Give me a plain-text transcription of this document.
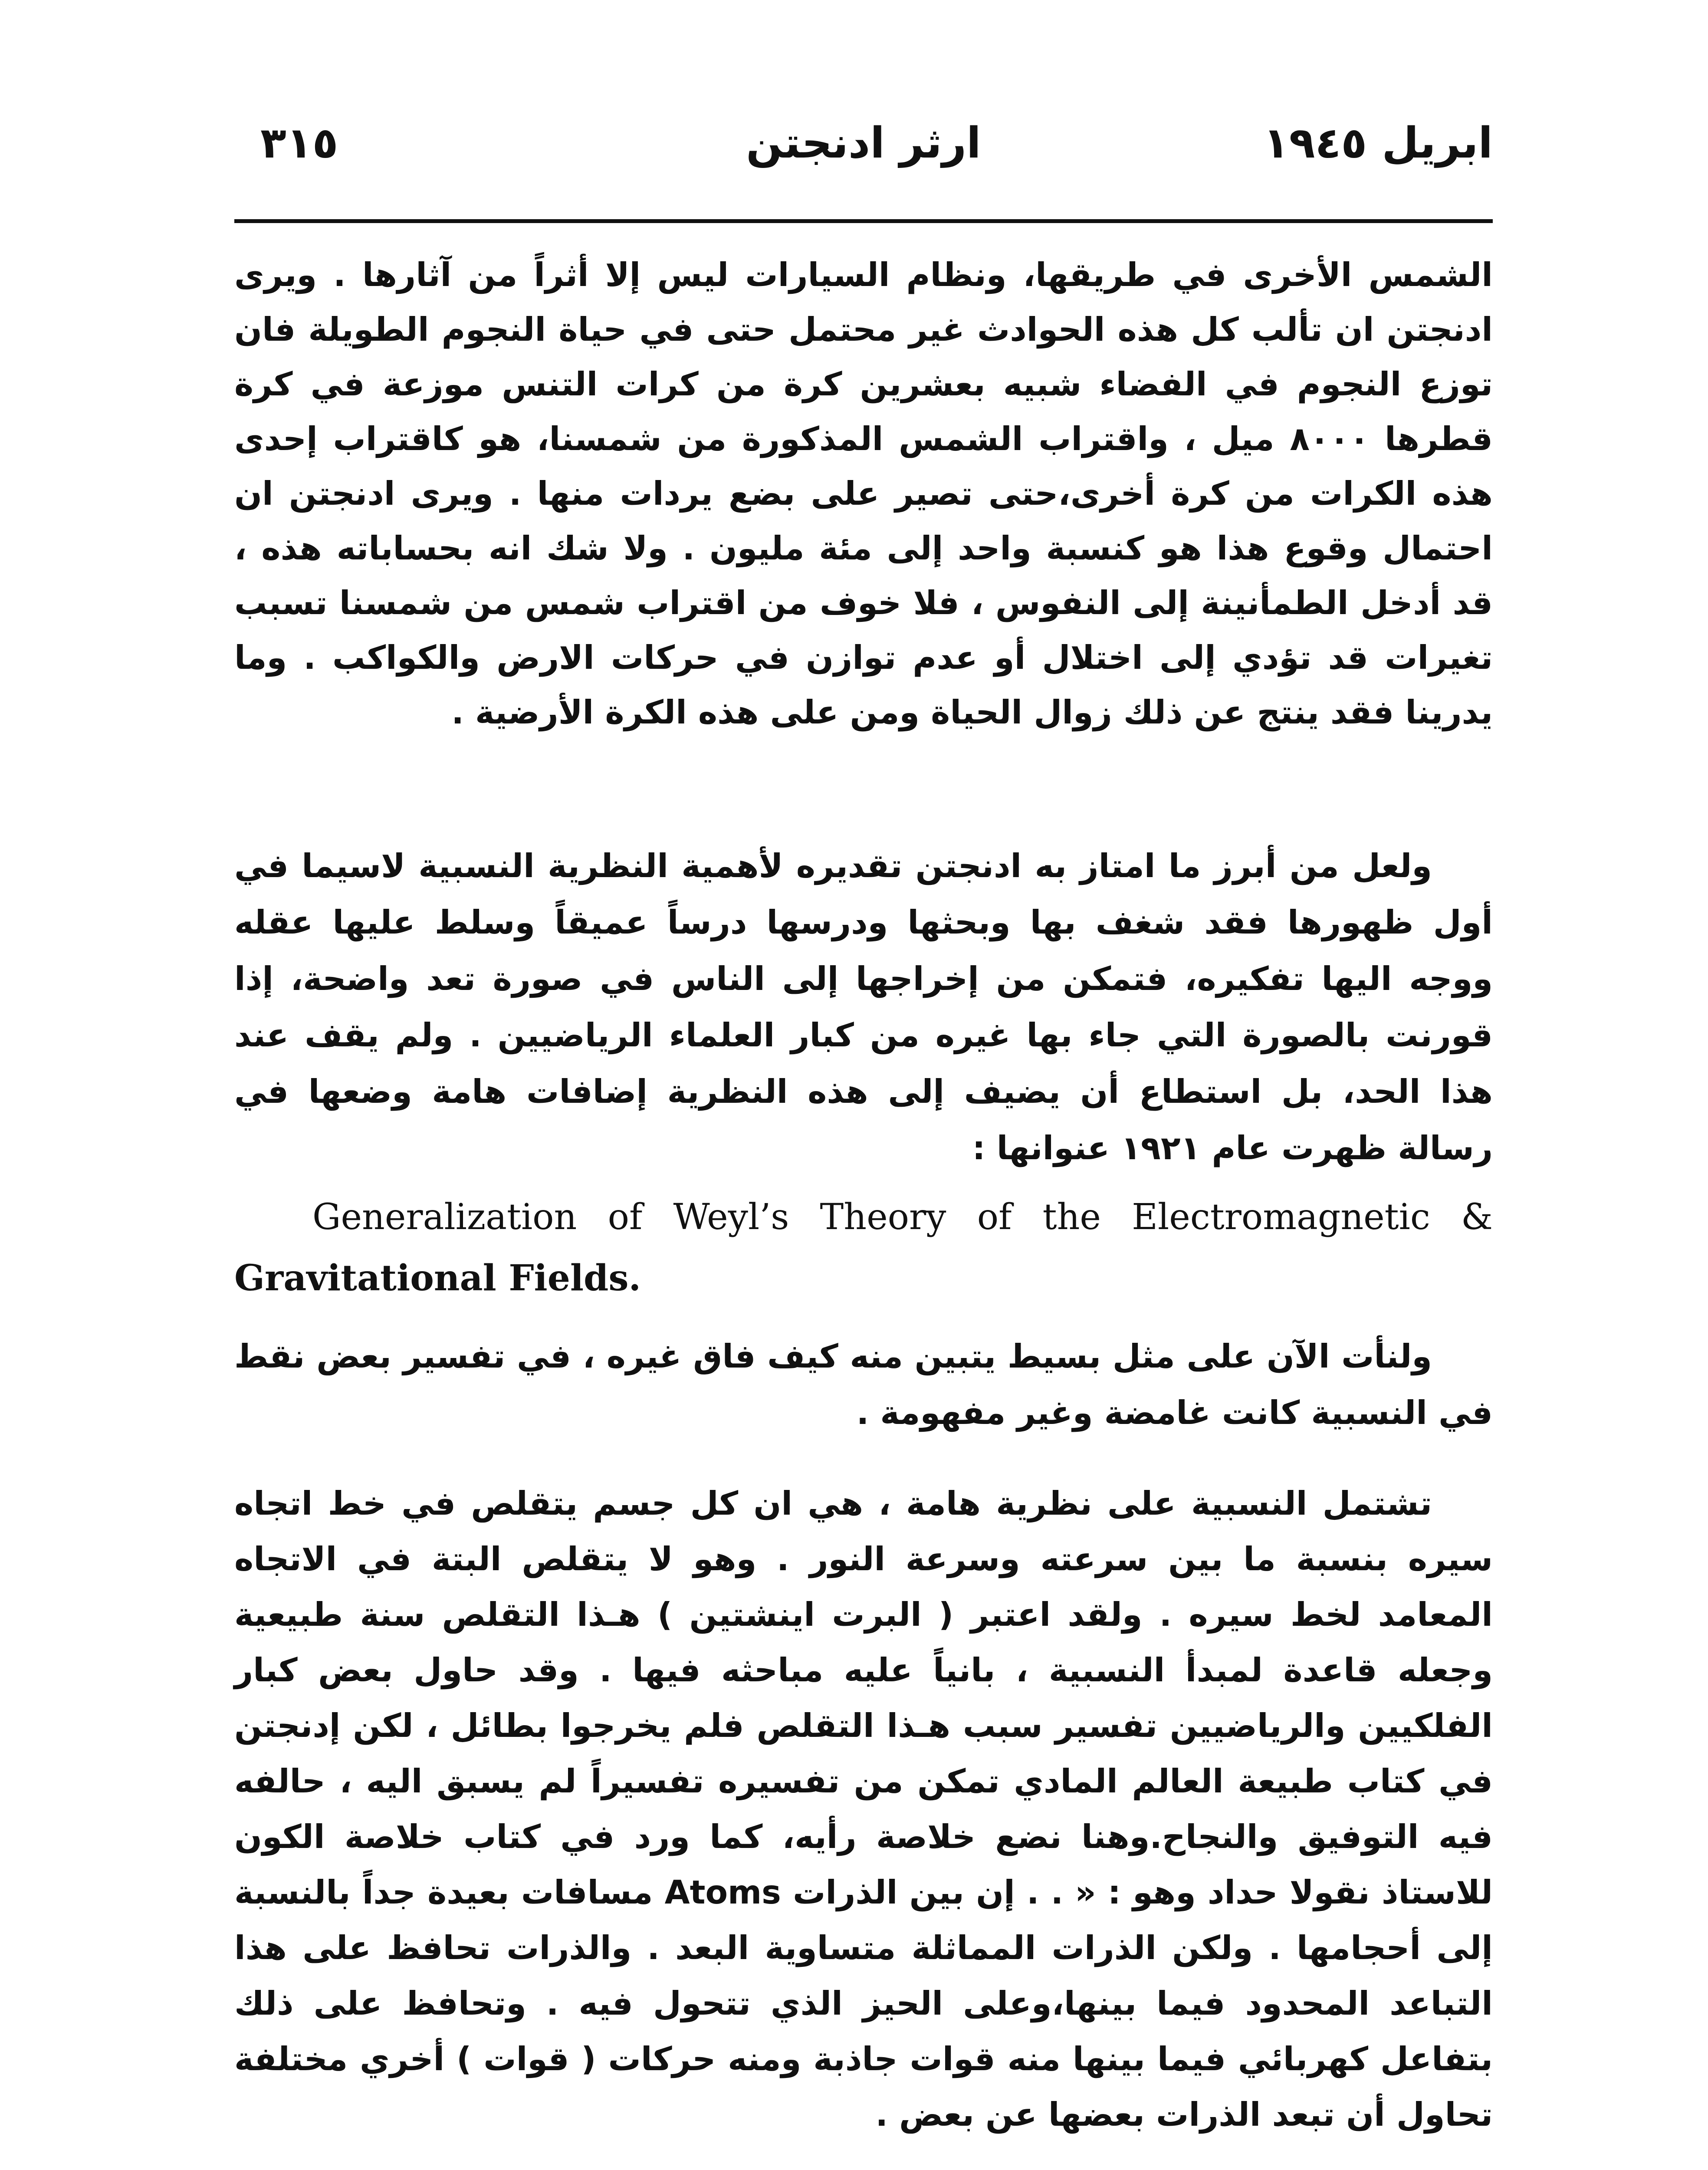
٣١٥	ارثر ادنجتن	ابريل ١٩٤٥

الشمس الأخرى في طريقها، ونظام السيارات ليس إلا أثراً من آثارها . ويرى ادنجتن ان تألب كل هذه الحوادث غير محتمل حتى في حياة النجوم الطويلة فان توزع النجوم في الفضاء شبيه بعشرين كرة من كرات التنس موزعة في كرة قطرها ٨٠٠٠ ميل ، واقتراب الشمس المذكورة من شمسنا، هو كاقتراب إحدى هذه الكرات من كرة أخرى،حتى تصير على بضع يردات منها . ويرى ادنجتن ان احتمال وقوع هذا هو كنسبة واحد إلى مئة مليون . ولا شك انه بحساباته هذه ، قد أدخل الطمأنينة إلى النفوس ، فلا خوف من اقتراب شمس من شمسنا تسبب تغيرات قد تؤدي إلى اختلال أو عدم توازن في حركات الارض والكواكب . وما يدرينا فقد ينتج عن ذلك زوال الحياة ومن على هذه الكرة الأرضية .

ولعل من أبرز ما امتاز به ادنجتن تقديره لأهمية النظرية النسبية لاسيما في أول ظهورها فقد شغف بها وبحثها ودرسها درساً عميقاً وسلط عليها عقله ووجه اليها تفكيره، فتمكن من إخراجها إلى الناس في صورة تعد واضحة، إذا قورنت بالصورة التي جاء بها غيره من كبار العلماء الرياضيين . ولم يقف عند هذا الحد، بل استطاع أن يضيف إلى هذه النظرية إضافات هامة وضعها في رسالة ظهرت عام ١٩٢١ عنوانها :

Generalization of Weyl’s Theory of the Electromagnetic &
Gravitational Fields.

ولنأت الآن على مثل بسيط يتبين منه كيف فاق غيره ، في تفسير بعض نقط في النسبية كانت غامضة وغير مفهومة .

تشتمل النسبية على نظرية هامة ، هي ان كل جسم يتقلص في خط اتجاه سيره بنسبة ما بين سرعته وسرعة النور . وهو لا يتقلص البتة في الاتجاه المعامد لخط سيره . ولقد اعتبر ( البرت اينشتين ) هـذا التقلص سنة طبيعية وجعله قاعدة لمبدأ النسبية ، بانياً عليه مباحثه فيها . وقد حاول بعض كبار الفلكيين والرياضيين تفسير سبب هـذا التقلص فلم يخرجوا بطائل ، لكن إدنجتن في كتاب طبيعة العالم المادي تمكن من تفسيره تفسيراً لم يسبق اليه ، حالفه فيه التوفيق والنجاح.وهنا نضع خلاصة رأيه، كما ورد في كتاب خلاصة الكون للاستاذ نقولا حداد وهو : « . . إن بين الذرات Atoms مسافات بعيدة جداً بالنسبة إلى أحجامها . ولكن الذرات المماثلة متساوية البعد . والذرات تحافظ على هذا التباعد المحدود فيما بينها،وعلى الحيز الذي تتحول فيه . وتحافظ على ذلك بتفاعل كهربائي فيما بينها منه قوات جاذبة ومنه حركات ( قوات ) أخري مختلفة تحاول أن تبعد الذرات بعضها عن بعض .
